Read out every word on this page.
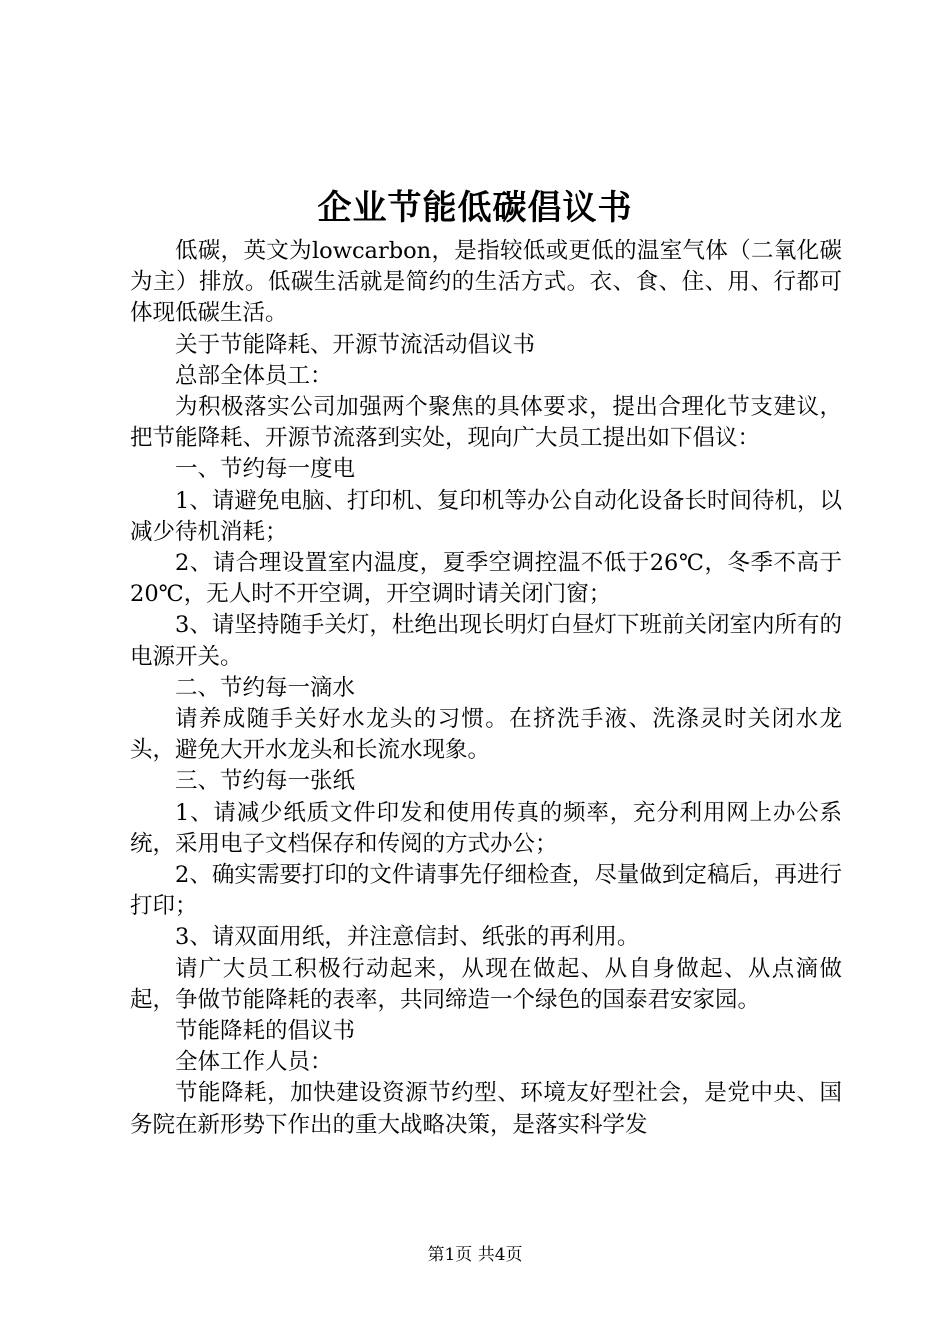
企业节能低碳倡议书

低碳，英文为lowcarbon，是指较低或更低的温室气体（二氧化碳为主）排放。低碳生活就是简约的生活方式。衣、食、住、用、行都可体现低碳生活。

关于节能降耗、开源节流活动倡议书

总部全体员工：

为积极落实公司加强两个聚焦的具体要求，提出合理化节支建议，把节能降耗、开源节流落到实处，现向广大员工提出如下倡议：

一、节约每一度电

1、请避免电脑、打印机、复印机等办公自动化设备长时间待机，以减少待机消耗；

2、请合理设置室内温度，夏季空调控温不低于26℃，冬季不高于20℃，无人时不开空调，开空调时请关闭门窗；

3、请坚持随手关灯，杜绝出现长明灯白昼灯下班前关闭室内所有的电源开关。

二、节约每一滴水

请养成随手关好水龙头的习惯。在挤洗手液、洗涤灵时关闭水龙头，避免大开水龙头和长流水现象。

三、节约每一张纸

1、请减少纸质文件印发和使用传真的频率，充分利用网上办公系统，采用电子文档保存和传阅的方式办公；

2、确实需要打印的文件请事先仔细检查，尽量做到定稿后，再进行打印；

3、请双面用纸，并注意信封、纸张的再利用。

请广大员工积极行动起来，从现在做起、从自身做起、从点滴做起，争做节能降耗的表率，共同缔造一个绿色的国泰君安家园。

节能降耗的倡议书

全体工作人员：

节能降耗，加快建设资源节约型、环境友好型社会，是党中央、国务院在新形势下作出的重大战略决策，是落实科学发

第1页 共4页
